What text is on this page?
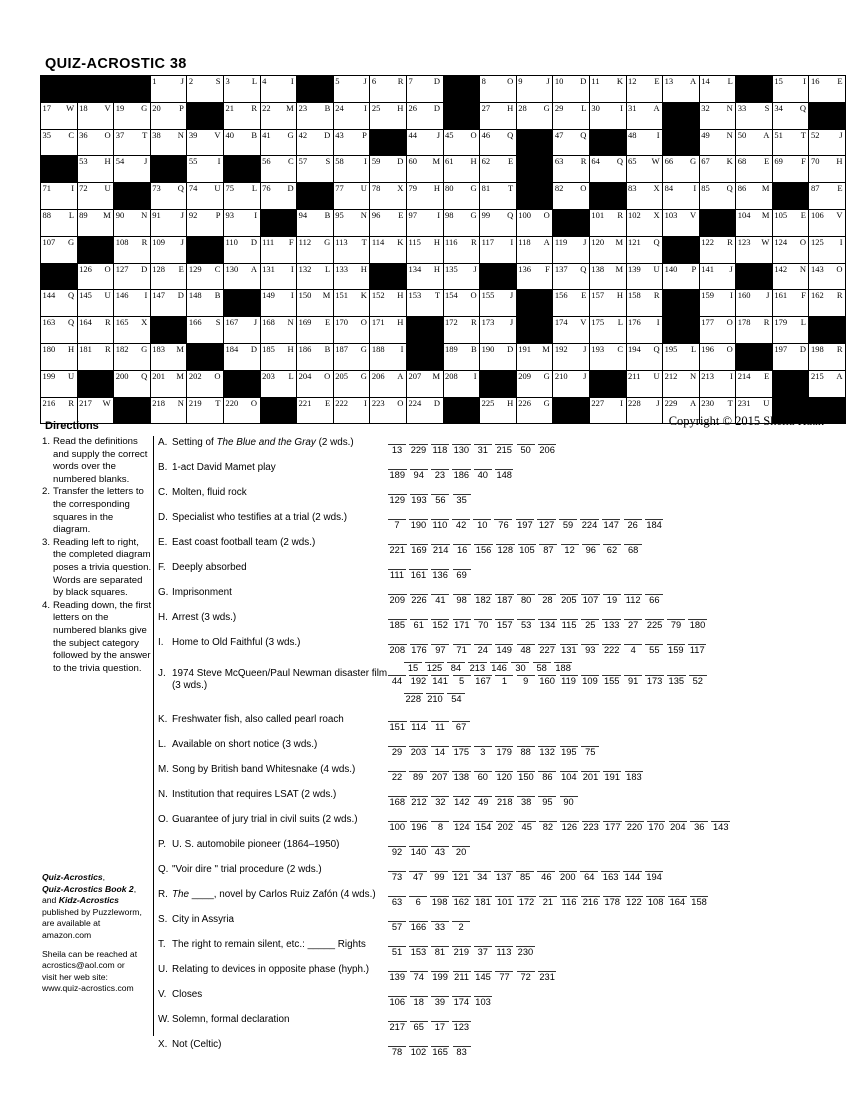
QUIZ-ACROSTIC 38

			1 J	2 S	3 L	4 I		5 J	6 R	7 D		8 O	9 J	10 D	11 K	12 E	13 A	14 L		15 I	16 E

17 W	18 V	19 G	20 P		21 R	22 M	23 B	24 I	25 H	26 D		27 H	28 G	29 L	30 I	31 A		32 N	33 S	34 Q	

35 C	36 O	37 T	38 N	39 V	40 B	41 G	42 D	43 P		44 J	45 O	46 Q		47 Q		48 I		49 N	50 A	51 T	52 J

	53 H	54 J		55 I		56 C	57 S	58 I	59 D	60 M	61 H	62 E		63 R	64 Q	65 W	66 G	67 K	68 E	69 F	70 H

71 I	72 U		73 Q	74 U	75 L	76 D		77 U	78 X	79 H	80 G	81 T		82 O		83 X	84 I	85 Q	86 M		87 E

88 L	89 M	90 N	91 J	92 P	93 I		94 B	95 N	96 E	97 I	98 G	99 Q	100 O		101 R	102 X	103 V		104 M	105 E	106 V

107 G		108 R	109 J		110 D	111 F	112 G	113 T	114 K	115 H	116 R	117 I	118 A	119 J	120 M	121 Q		122 R	123 W	124 O	125 I

	126 O	127 D	128 E	129 C	130 A	131 I	132 L	133 H		134 H	135 J		136 F	137 Q	138 M	139 U	140 P	141 J		142 N	143 O

144 Q	145 U	146 I	147 D	148 B		149 I	150 M	151 K	152 H	153 T	154 O	155 J		156 E	157 H	158 R		159 I	160 J	161 F	162 R

163 Q	164 R	165 X		166 S	167 J	168 N	169 E	170 O	171 H		172 R	173 J		174 V	175 L	176 I		177 O	178 R	179 L	

180 H	181 R	182 G	183 M		184 D	185 H	186 B	187 G	188 I		189 B	190 D	191 M	192 J	193 C	194 Q	195 L	196 O		197 D	198 R

199 U		200 Q	201 M	202 O		203 L	204 O	205 G	206 A	207 M	208 I		209 G	210 J		211 U	212 N	213 I	214 E		215 A

216 R	217 W		218 N	219 T	220 O		221 E	222 I	223 O	224 D		225 H	226 G		227 I	228 J	229 A	230 T	231 U		

Copyright © 2015 Sheila Haak
Directions
1. Read the definitions and supply the correct words over the numbered blanks.
2. Transfer the letters to the corresponding squares in the diagram.
3. Reading left to right, the completed diagram poses a trivia question. Words are separated by black squares.
4. Reading down, the first letters on the numbered blanks give the subject category followed by the answer to the trivia question.

Quiz-Acrostics,
Quiz-Acrostics Book 2,
and Kidz-Acrostics
published by Puzzleworm,
are available at
amazon.com

Sheila can be reached at
acrostics@aol.com or
visit her web site:
www.quiz-acrostics.com

A. Setting of The Blue and the Gray (2 wds.)
B. 1-act David Mamet play
C. Molten, fluid rock
D. Specialist who testifies at a trial (2 wds.)
E. East coast football team (2 wds.)
F. Deeply absorbed
G. Imprisonment
H. Arrest (3 wds.)
I. Home to Old Faithful (3 wds.)
J. 1974 Steve McQueen/Paul Newman disaster film (3 wds.)
K. Freshwater fish, also called pearl roach
L. Available on short notice (3 wds.)
M. Song by British band Whitesnake (4 wds.)
N. Institution that requires LSAT (2 wds.)
O. Guarantee of jury trial in civil suits (2 wds.)
P. U. S. automobile pioneer (1864–1950)
Q. "Voir dire " trial procedure (2 wds.)
R. The ____, novel by Carlos Ruiz Zafón (4 wds.)
S. City in Assyria
T. The right to remain silent, etc.: _____ Rights
U. Relating to devices in opposite phase (hyph.)
V. Closes
W. Solemn, formal declaration
X. Not (Celtic)
13 229 118 130 31 215 50 206
189 94 23 186 40 148
129 193 56 35
7 190 110 42 10 76 197 127 59 224 147 26 184
221 169 214 16 156 128 105 87 12 96 62 68
111 161 136 69
209 226 41 98 182 187 80 28 205 107 19 112 66
185 61 152 171 70 157 53 134 115 25 133 27 225 79 180
208 176 97 71 24 149 48 227 131 93 222 4 55 159 117
15 125 84 213 146 30 58 188
44 192 141 5 167 1 9 160 119 109 155 91 173 135 52
228 210 54
151 114 11 67
29 203 14 175 3 179 88 132 195 75
22 89 207 138 60 120 150 86 104 201 191 183
168 212 32 142 49 218 38 95 90
100 196 8 124 154 202 45 82 126 223 177 220 170 204 36 143
92 140 43 20
73 47 99 121 34 137 85 46 200 64 163 144 194
63 6 198 162 181 101 172 21 116 216 178 122 108 164 158
57 166 33 2
51 153 81 219 37 113 230
139 74 199 211 145 77 72 231
106 18 39 174 103
217 65 17 123
78 102 165 83
